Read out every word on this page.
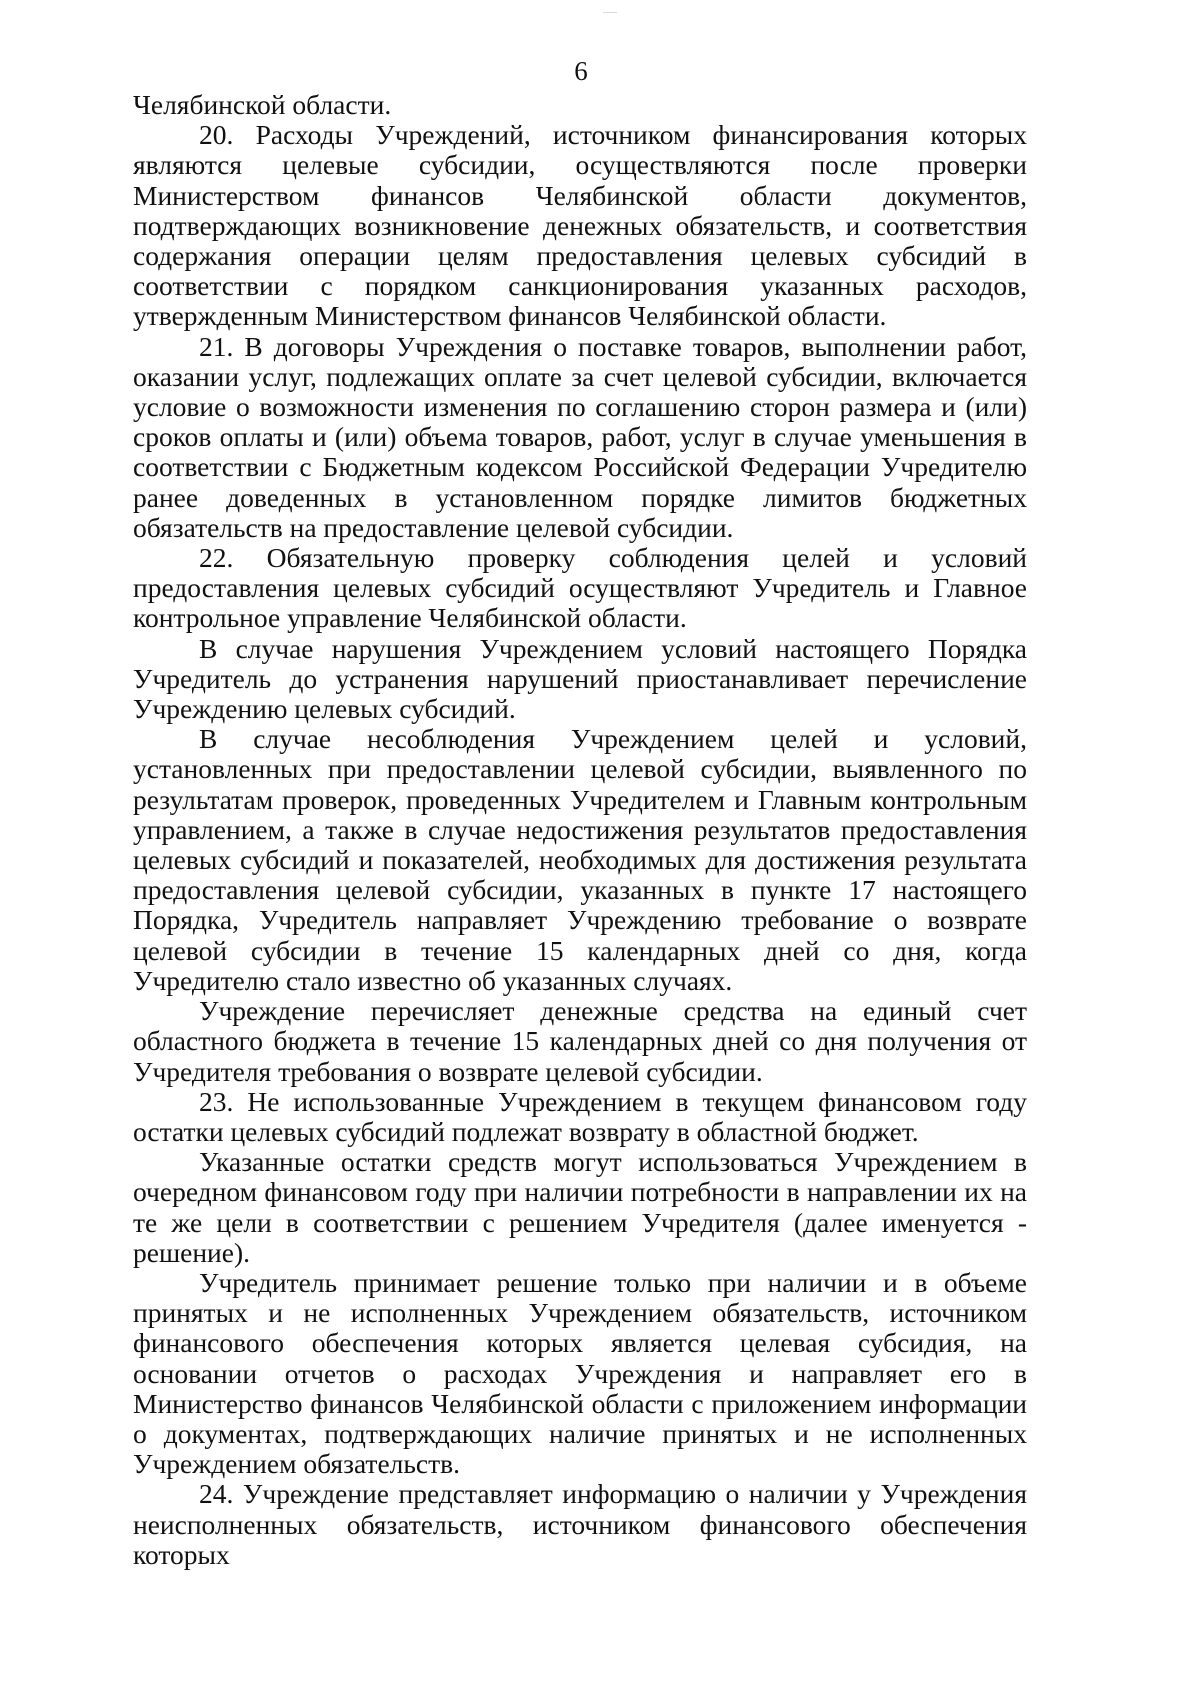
6

Челябинской области.

20. Расходы Учреждений, источником финансирования которых являются целевые субсидии, осуществляются после проверки Министерством финансов Челябинской области документов, подтверждающих возникновение денежных обязательств, и соответствия содержания операции целям предоставления целевых субсидий в соответствии с порядком санкционирования указанных расходов, утвержденным Министерством финансов Челябинской области.

21. В договоры Учреждения о поставке товаров, выполнении работ, оказании услуг, подлежащих оплате за счет целевой субсидии, включается условие о возможности изменения по соглашению сторон размера и (или) сроков оплаты и (или) объема товаров, работ, услуг в случае уменьшения в соответствии с Бюджетным кодексом Российской Федерации Учредителю ранее доведенных в установленном порядке лимитов бюджетных обязательств на предоставление целевой субсидии.

22. Обязательную проверку соблюдения целей и условий предоставления целевых субсидий осуществляют Учредитель и Главное контрольное управление Челябинской области.

В случае нарушения Учреждением условий настоящего Порядка Учредитель до устранения нарушений приостанавливает перечисление Учреждению целевых субсидий.

В случае несоблюдения Учреждением целей и условий, установленных при предоставлении целевой субсидии, выявленного по результатам проверок, проведенных Учредителем и Главным контрольным управлением, а также в случае недостижения результатов предоставления целевых субсидий и показателей, необходимых для достижения результата предоставления целевой субсидии, указанных в пункте 17 настоящего Порядка, Учредитель направляет Учреждению требование о возврате целевой субсидии в течение 15 календарных дней со дня, когда Учредителю стало известно об указанных случаях.

Учреждение перечисляет денежные средства на единый счет областного бюджета в течение 15 календарных дней со дня получения от Учредителя требования о возврате целевой субсидии.

23. Не использованные Учреждением в текущем финансовом году остатки целевых субсидий подлежат возврату в областной бюджет.

Указанные остатки средств могут использоваться Учреждением в очередном финансовом году при наличии потребности в направлении их на те же цели в соответствии с решением Учредителя (далее именуется - решение).

Учредитель принимает решение только при наличии и в объеме принятых и не исполненных Учреждением обязательств, источником финансового обеспечения которых является целевая субсидия, на основании отчетов о расходах Учреждения и направляет его в Министерство финансов Челябинской области с приложением информации о документах, подтверждающих наличие принятых и не исполненных Учреждением обязательств.

24. Учреждение представляет информацию о наличии у Учреждения неисполненных обязательств, источником финансового обеспечения которых
